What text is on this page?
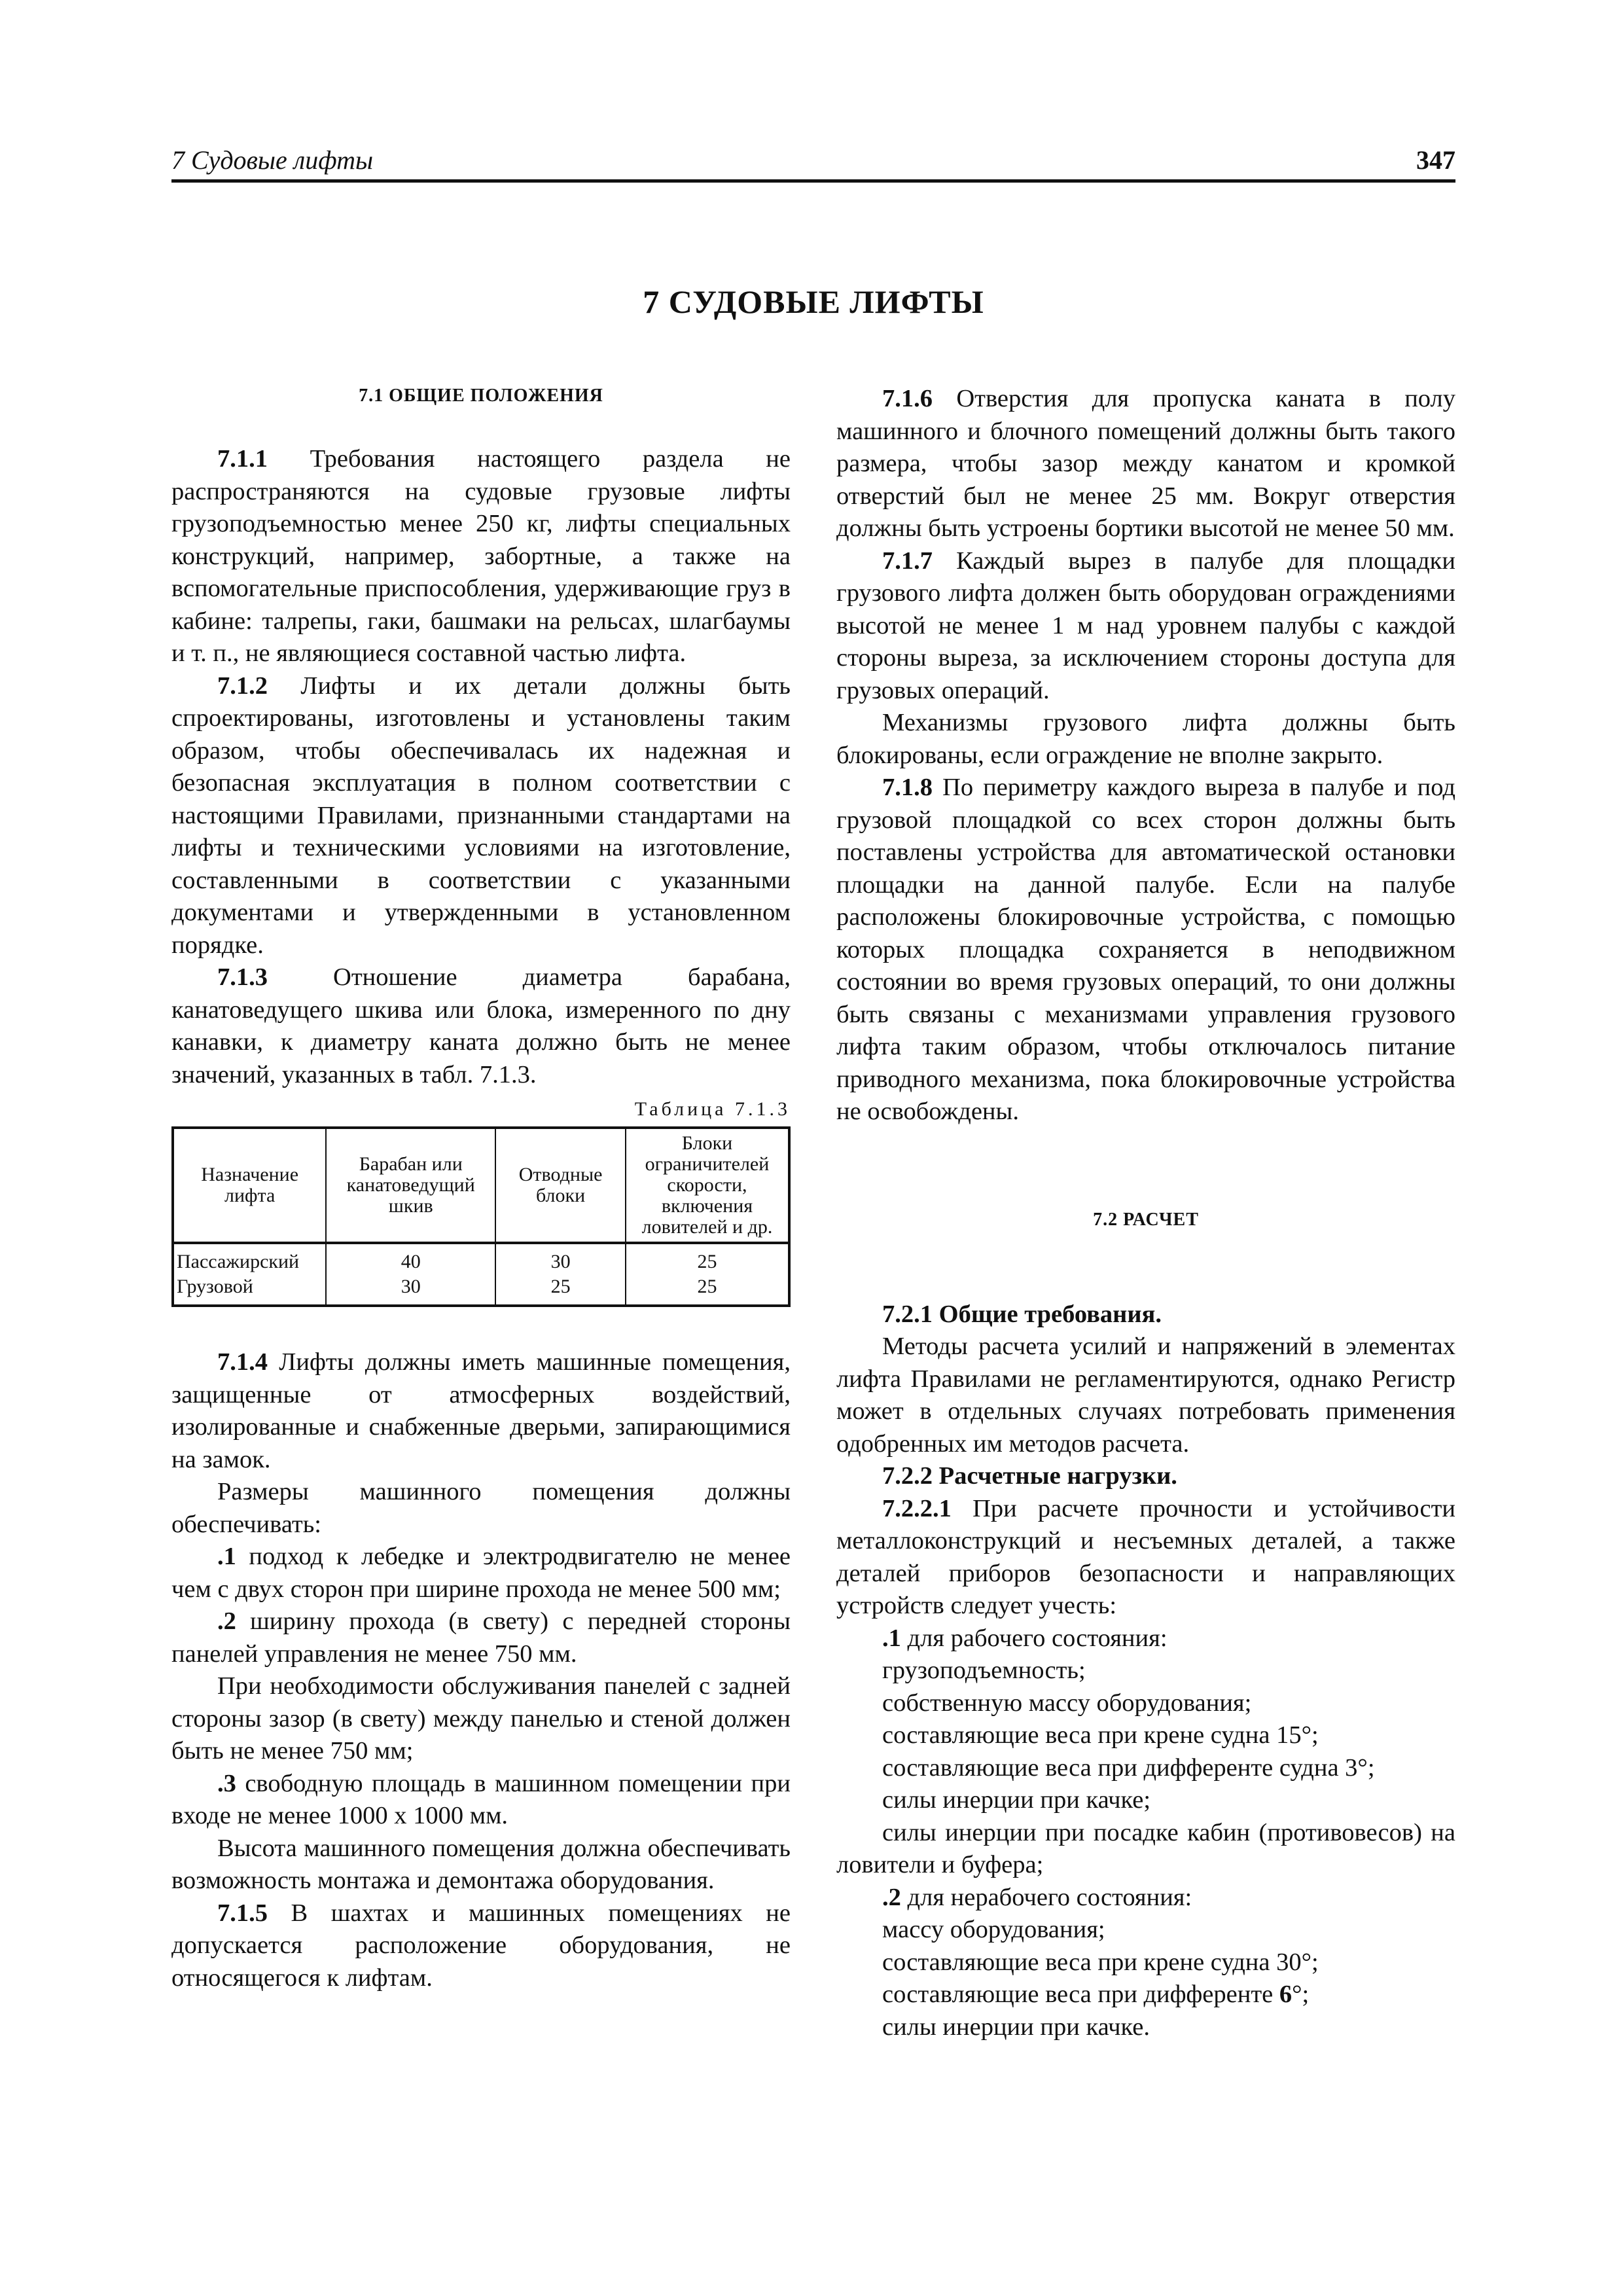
7 Судовые лифты	347
7 СУДОВЫЕ ЛИФТЫ
7.1 ОБЩИЕ ПОЛОЖЕНИЯ

7.1.1 Требования настоящего раздела не распространяются на судовые грузовые лифты грузоподъемностью менее 250 кг, лифты специальных конструкций, например, забортные, а также на вспомогательные приспособления, удерживающие груз в кабине: талрепы, гаки, башмаки на рельсах, шлагбаумы и т. п., не являющиеся составной частью лифта.

7.1.2 Лифты и их детали должны быть спроектированы, изготовлены и установлены таким образом, чтобы обеспечивалась их надежная и безопасная эксплуатация в полном соответствии с настоящими Правилами, признанными стандартами на лифты и техническими условиями на изготовление, составленными в соответствии с указанными документами и утвержденными в установленном порядке.

7.1.3	Отношение диаметра барабана, канатоведущего шкива или блока, измеренного по дну канавки, к диаметру каната должно быть не менее значений, указанных в табл. 7.1.3.

Таблица 7.1.3
Назначение лифта	Барабан или канатоведущий шкив	Отводные блоки	Блоки ограничителей скорости, включения ловителей и др.
Пассажирский	40	30	25
Грузовой	30	25	25

7.1.4 Лифты должны иметь машинные помещения, защищенные от атмосферных воздействий, изолированные и снабженные дверьми, запирающимися на замок.

Размеры машинного помещения должны обеспечивать:

.1 подход к лебедке и электродвигателю не менее чем с двух сторон при ширине прохода не менее 500 мм;

.2 ширину прохода (в свету) с передней стороны панелей управления не менее 750 мм.

При необходимости обслуживания панелей с задней стороны зазор (в свету) между панелью и стеной должен быть не менее 750 мм;

.3 свободную площадь в машинном помещении при входе не менее 1000 х 1000 мм.

Высота машинного помещения должна обеспечивать возможность монтажа и демонтажа оборудования.

7.1.5 В шахтах и машинных помещениях не допускается расположение оборудования, не относящегося к лифтам.

7.1.6 Отверстия для пропуска каната в полу машинного и блочного помещений должны быть такого размера, чтобы зазор между канатом и кромкой отверстий был не менее 25 мм. Вокруг отверстия должны быть устроены бортики высотой не менее 50 мм.

7.1.7 Каждый вырез в палубе для площадки грузового лифта должен быть оборудован ограждениями высотой не менее 1 м над уровнем палубы с каждой стороны выреза, за исключением стороны доступа для грузовых операций.

Механизмы грузового лифта должны быть блокированы, если ограждение не вполне закрыто.

7.1.8 По периметру каждого выреза в палубе и под грузовой площадкой со всех сторон должны быть поставлены устройства для автоматической остановки площадки на данной палубе. Если на палубе расположены блокировочные устройства, с помощью которых площадка сохраняется в неподвижном состоянии во время грузовых операций, то они должны быть связаны с механизмами управления грузового лифта таким образом, чтобы отключалось питание приводного механизма, пока блокировочные устройства не освобождены.

7.2 РАСЧЕТ

7.2.1 Общие требования.

Методы расчета усилий и напряжений в элементах лифта Правилами не регламентируются, однако Регистр может в отдельных случаях потребовать применения одобренных им методов расчета.

7.2.2 Расчетные нагрузки.

7.2.2.1 При расчете прочности и устойчивости металлоконструкций и несъемных деталей, а также деталей приборов безопасности и направляющих устройств следует учесть:

.1 для рабочего состояния:

грузоподъемность;

собственную массу оборудования;

составляющие веса при крене судна 15°;

составляющие веса при дифференте судна 3°;

силы инерции при качке;

силы инерции при посадке кабин (противовесов) на ловители и буфера;

.2 для нерабочего состояния:

массу оборудования;

составляющие веса при крене судна 30°;

составляющие веса при дифференте 6°;

силы инерции при качке.
